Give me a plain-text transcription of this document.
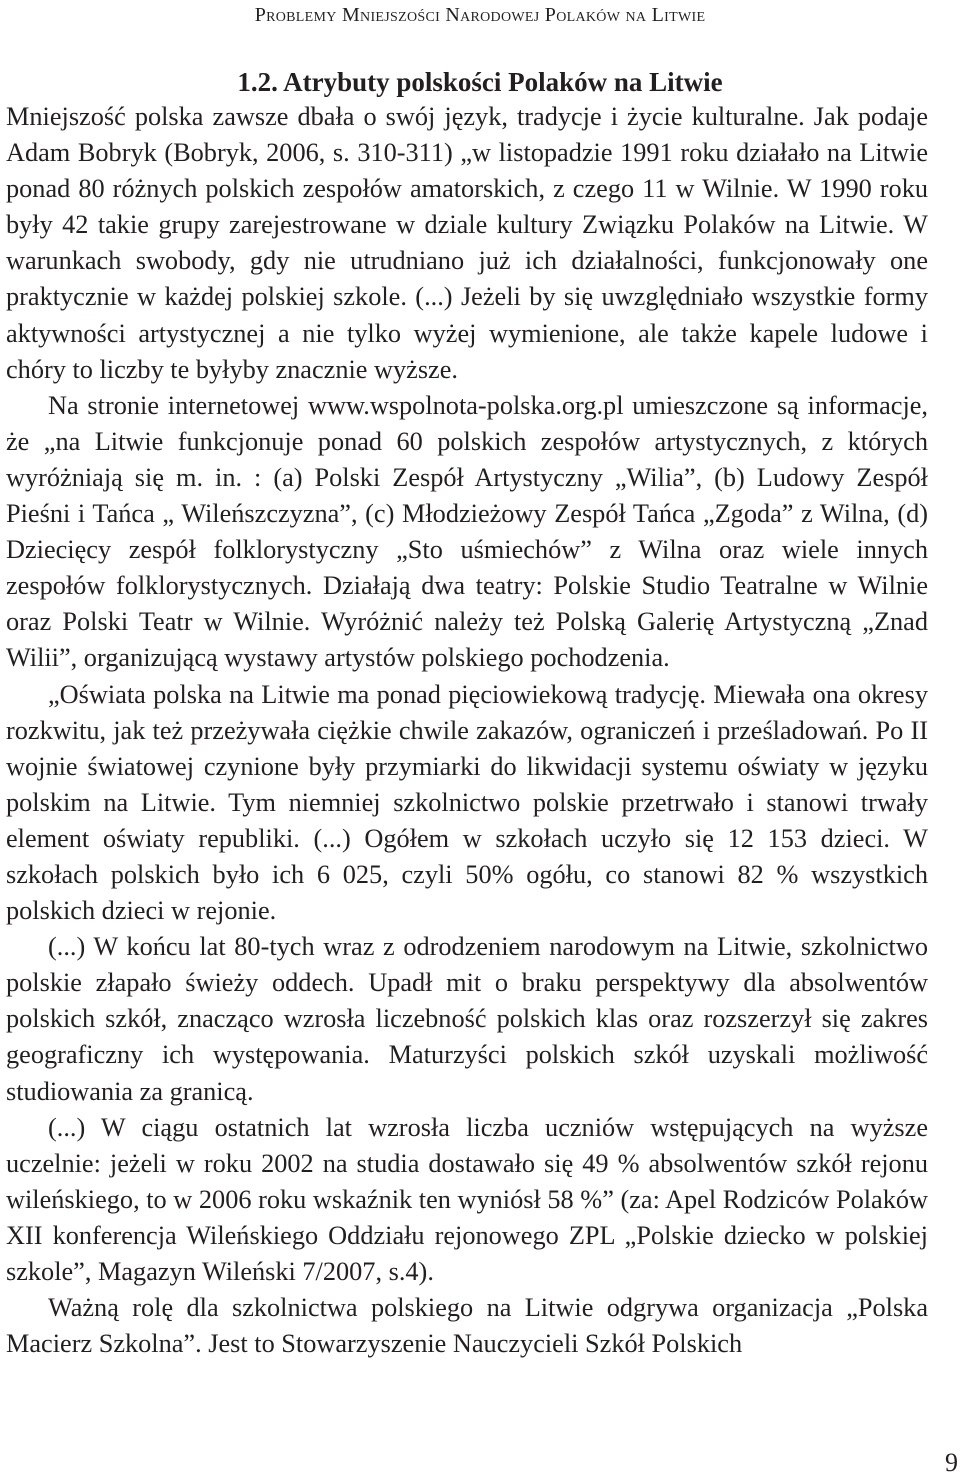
Problemy Mniejszości Narodowej Polaków na Litwie
1.2. Atrybuty polskości Polaków na Litwie

Mniejszość polska zawsze dbała o swój język, tradycje i życie kulturalne. Jak podaje Adam Bobryk (Bobryk, 2006, s. 310-311) „w listopadzie 1991 roku działało na Litwie ponad 80 różnych polskich zespołów amatorskich, z czego 11 w Wilnie. W 1990 roku były 42 takie grupy zarejestrowane w dziale kultury Związku Polaków na Litwie. W warunkach swobody, gdy nie utrudniano już ich działalności, funkcjonowały one praktycznie w każdej polskiej szkole. (...) Jeżeli by się uwzględniało wszystkie formy aktywności artystycznej a nie tylko wyżej wymienione, ale także kapele ludowe i chóry to liczby te byłyby znacznie wyższe.

Na stronie internetowej www.wspolnota-polska.org.pl umieszczone są informacje, że „na Litwie funkcjonuje ponad 60 polskich zespołów artystycznych, z których wyróżniają się m. in. : (a) Polski Zespół Artystyczny „Wilia”, (b) Ludowy Zespół Pieśni i Tańca „ Wileńszczyzna”, (c) Młodzieżowy Zespół Tańca „Zgoda” z Wilna, (d) Dziecięcy zespół folklorystyczny „Sto uśmiechów” z Wilna oraz wiele innych zespołów folklorystycznych. Działają dwa teatry: Polskie Studio Teatralne w Wilnie oraz Polski Teatr w Wilnie. Wyróżnić należy też Polską Galerię Artystyczną „Znad Wilii”, organizującą wystawy artystów polskiego pochodzenia.

„Oświata polska na Litwie ma ponad pięciowiekową tradycję. Miewała ona okresy rozkwitu, jak też przeżywała ciężkie chwile zakazów, ograniczeń i prześladowań. Po II wojnie światowej czynione były przymiarki do likwidacji systemu oświaty w języku polskim na Litwie. Tym niemniej szkolnictwo polskie przetrwało i stanowi trwały element oświaty republiki. (...) Ogółem w szkołach uczyło się 12 153 dzieci. W szkołach polskich było ich 6 025, czyli 50% ogółu, co stanowi 82 % wszystkich polskich dzieci w rejonie.

(...) W końcu lat 80-tych wraz z odrodzeniem narodowym na Litwie, szkolnictwo polskie złapało świeży oddech. Upadł mit o braku perspektywy dla absolwentów polskich szkół, znacząco wzrosła liczebność polskich klas oraz rozszerzył się zakres geograficzny ich występowania. Maturzyści polskich szkół uzyskali możliwość studiowania za granicą.

(...) W ciągu ostatnich lat wzrosła liczba uczniów wstępujących na wyższe uczelnie: jeżeli w roku 2002 na studia dostawało się 49 % absolwentów szkół rejonu wileńskiego, to w 2006 roku wskaźnik ten wyniósł 58 %” (za: Apel Rodziców Polaków XII konferencja Wileńskiego Oddziału rejonowego ZPL „Polskie dziecko w polskiej szkole”, Magazyn Wileński 7/2007, s.4).

Ważną rolę dla szkolnictwa polskiego na Litwie odgrywa organizacja „Polska Macierz Szkolna”. Jest to Stowarzyszenie Nauczycieli Szkół Polskich

9
